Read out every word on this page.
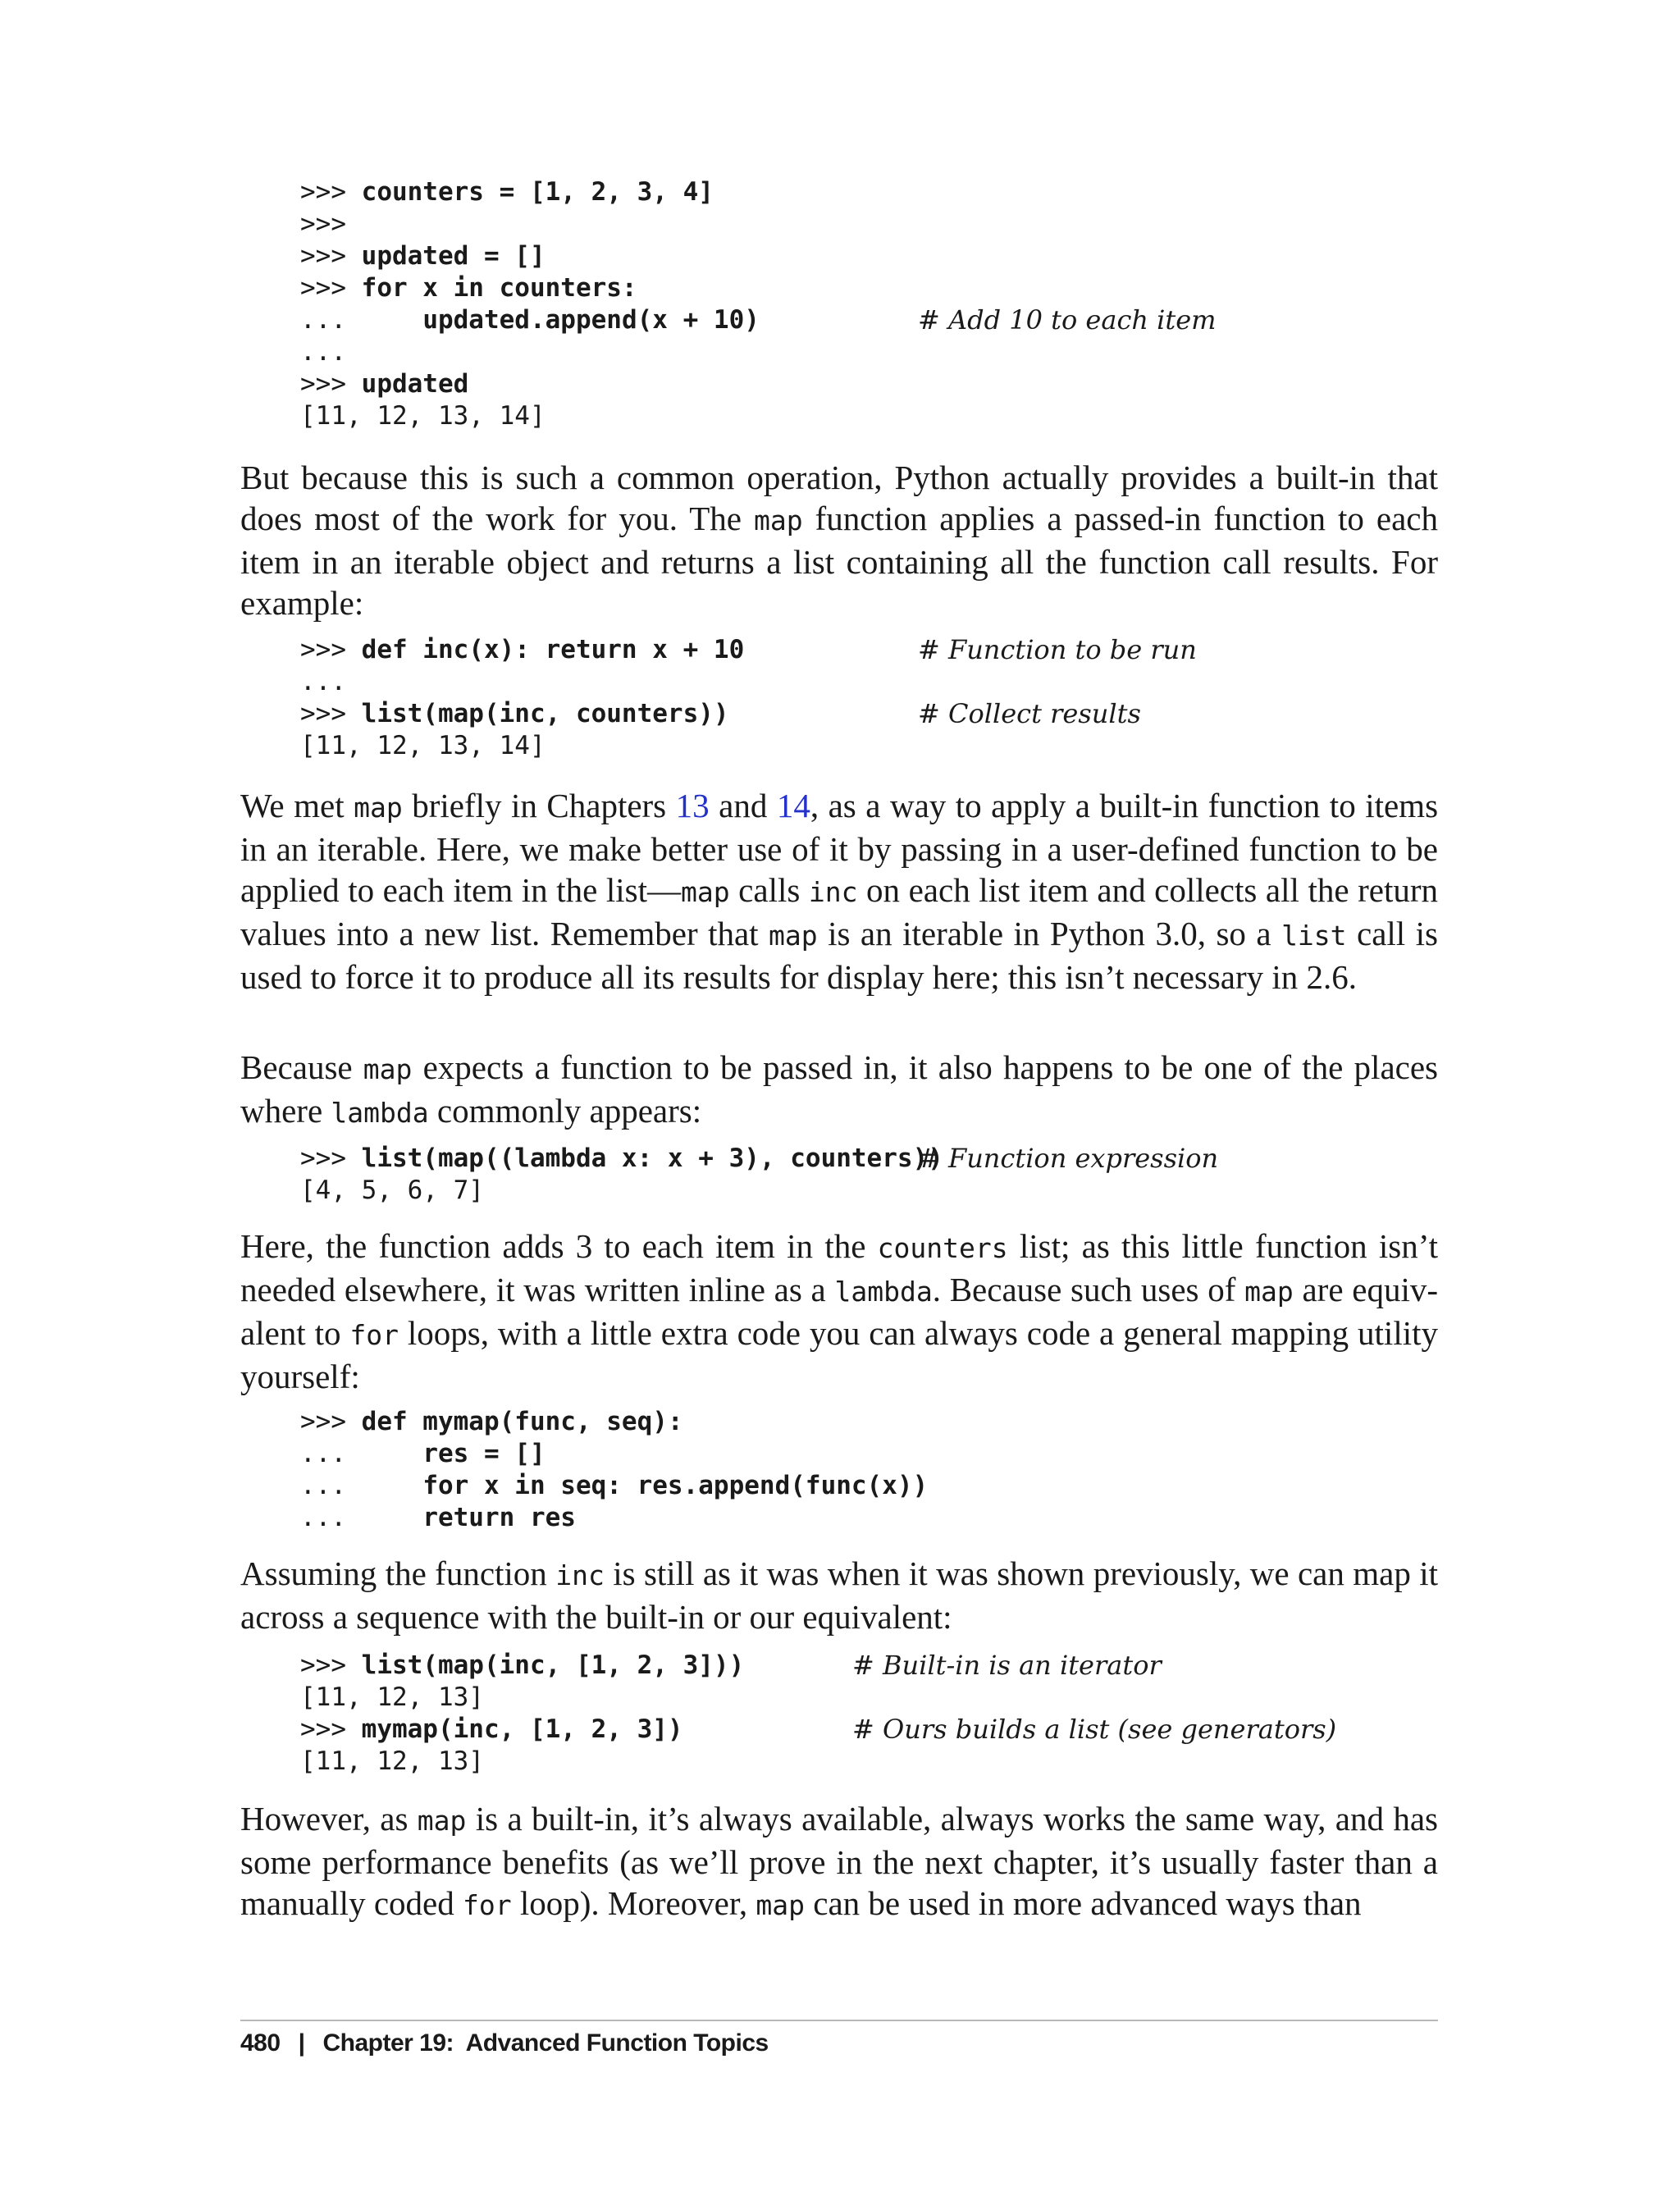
>>> counters = [1, 2, 3, 4]
>>>
>>> updated = []
>>> for x in counters:
...     updated.append(x + 10)	# Add 10 to each item
...
>>> updated
[11, 12, 13, 14]

But because this is such a common operation, Python actually provides a built-in that does most of the work for you. The map function applies a passed-in function to each item in an iterable object and returns a list containing all the function call results. For example:

>>> def inc(x): return x + 10	# Function to be run
...
>>> list(map(inc, counters))	# Collect results
[11, 12, 13, 14]

We met map briefly in Chapters 13 and 14, as a way to apply a built-in function to items in an iterable. Here, we make better use of it by passing in a user-defined function to be applied to each item in the list—map calls inc on each list item and collects all the return values into a new list. Remember that map is an iterable in Python 3.0, so a list call is used to force it to produce all its results for display here; this isn’t necessary in 2.6.

Because map expects a function to be passed in, it also happens to be one of the places where lambda commonly appears:

>>> list(map((lambda x: x + 3), counters))
# Function expression
[4, 5, 6, 7]

Here, the function adds 3 to each item in the counters list; as this little function isn’t needed elsewhere, it was written inline as a lambda. Because such uses of map are equivalent to for loops, with a little extra code you can always code a general mapping utility yourself:

>>> def mymap(func, seq):
...     res = []
...     for x in seq: res.append(func(x))
...     return res

Assuming the function inc is still as it was when it was shown previously, we can map it across a sequence with the built-in or our equivalent:

>>> list(map(inc, [1, 2, 3]))	# Built-in is an iterator
[11, 12, 13]
>>> mymap(inc, [1, 2, 3])	# Ours builds a list (see generators)
[11, 12, 13]

However, as map is a built-in, it’s always available, always works the same way, and has some performance benefits (as we’ll prove in the next chapter, it’s usually faster than a manually coded for loop). Moreover, map can be used in more advanced ways than

480 | Chapter 19:  Advanced Function Topics
